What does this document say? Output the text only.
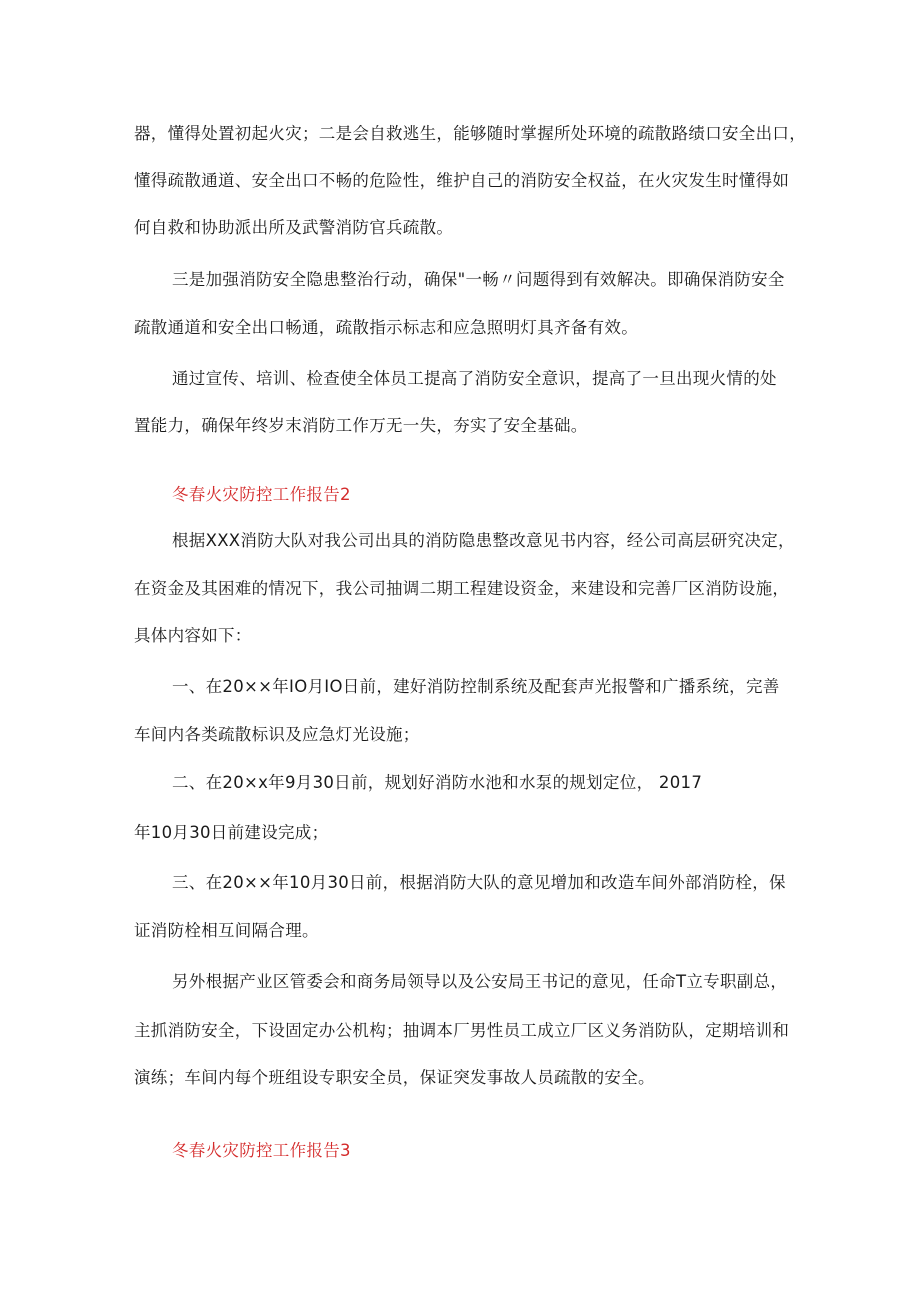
器，懂得处置初起火灾；二是会自救逃生，能够随时掌握所处环境的疏散路绩口安全出口，
懂得疏散通道、安全出口不畅的危险性，维护自己的消防安全权益，在火灾发生时懂得如
何自救和协助派出所及武警消防官兵疏散。
三是加强消防安全隐患整治行动，确保"一畅〃问题得到有效解决。即确保消防安全
疏散通道和安全出口畅通，疏散指示标志和应急照明灯具齐备有效。
通过宣传、培训、检查使全体员工提高了消防安全意识，提高了一旦出现火情的处
置能力，确保年终岁末消防工作万无一失，夯实了安全基础。
冬春火灾防控工作报告2
根据XXX消防大队对我公司出具的消防隐患整改意见书内容，经公司高层研究决定，
在资金及其困难的情况下，我公司抽调二期工程建设资金，来建设和完善厂区消防设施，
具体内容如下：
一、在20××年IO月IO日前，建好消防控制系统及配套声光报警和广播系统，完善
车间内各类疏散标识及应急灯光设施；
二、在20×x年9月30日前，规划好消防水池和水泵的规划定位， 2017
年10月30日前建设完成；
三、在20××年10月30日前，根据消防大队的意见增加和改造车间外部消防栓，保
证消防栓相互间隔合理。
另外根据产业区管委会和商务局领导以及公安局王书记的意见，任命T立专职副总，
主抓消防安全，下设固定办公机构；抽调本厂男性员工成立厂区义务消防队，定期培训和
演练；车间内每个班组设专职安全员，保证突发事故人员疏散的安全。
冬春火灾防控工作报告3
